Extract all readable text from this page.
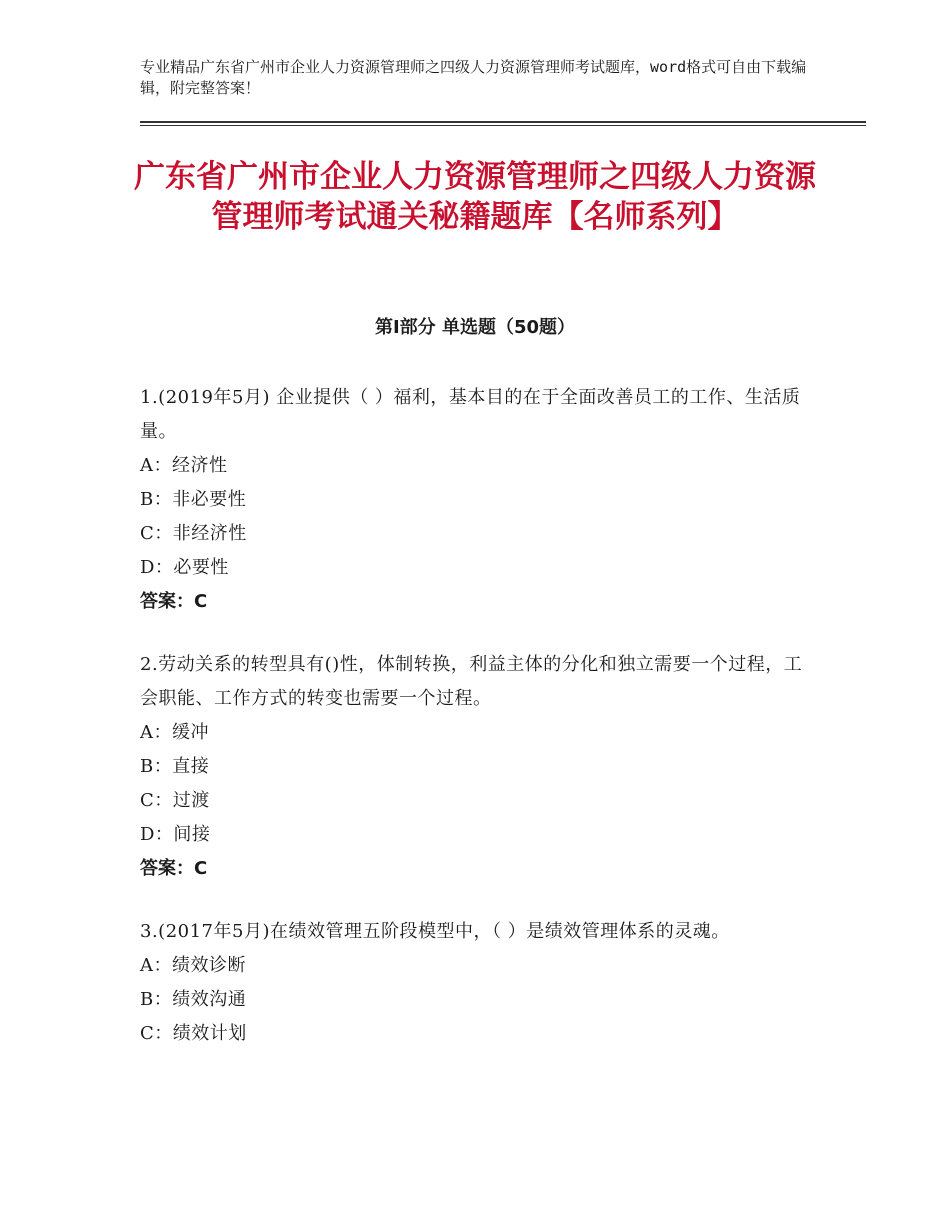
专业精品广东省广州市企业人力资源管理师之四级人力资源管理师考试题库，word格式可自由下载编辑，附完整答案！

广东省广州市企业人力资源管理师之四级人力资源管理师考试通关秘籍题库【名师系列】
第Ⅰ部分 单选题（50题）

1.(2019年5月) 企业提供（ ）福利，基本目的在于全面改善员工的工作、生活质量。

A：经济性

B：非必要性

C：非经济性

D：必要性

答案：C

2.劳动关系的转型具有()性，体制转换，利益主体的分化和独立需要一个过程，工会职能、工作方式的转变也需要一个过程。

A：缓冲

B：直接

C：过渡

D：间接

答案：C

3.(2017年5月)在绩效管理五阶段模型中，（ ）是绩效管理体系的灵魂。

A：绩效诊断

B：绩效沟通

C：绩效计划
